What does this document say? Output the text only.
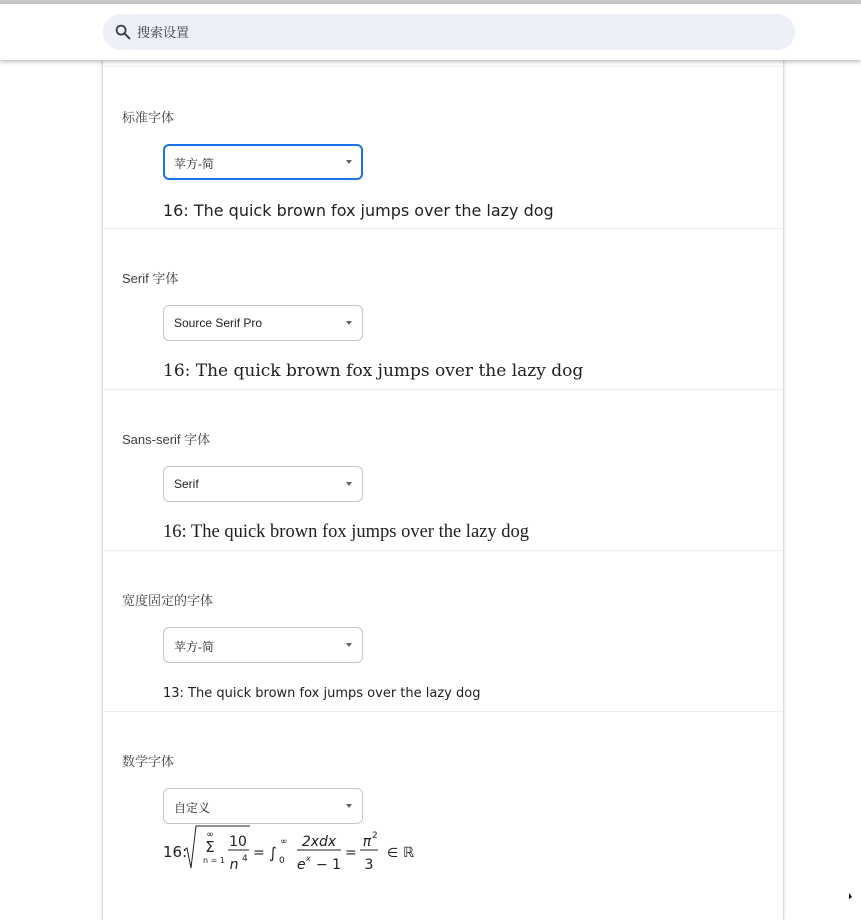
搜索设置
标准字体
苹方-简
16: The quick brown fox jumps over the lazy dog
Serif 字体
Source Serif Pro
16: The quick brown fox jumps over the lazy dog
Sans-serif 字体
Serif
16: The quick brown fox jumps over the lazy dog
宽度固定的字体
苹方-简
13: The quick brown fox jumps over the lazy dog
数学字体
自定义
16:
∞
Σ
n = 1
10
n 4 = ∫
∞
0
2xdx
e x − 1
=
π 2
3
∈ ℝ
